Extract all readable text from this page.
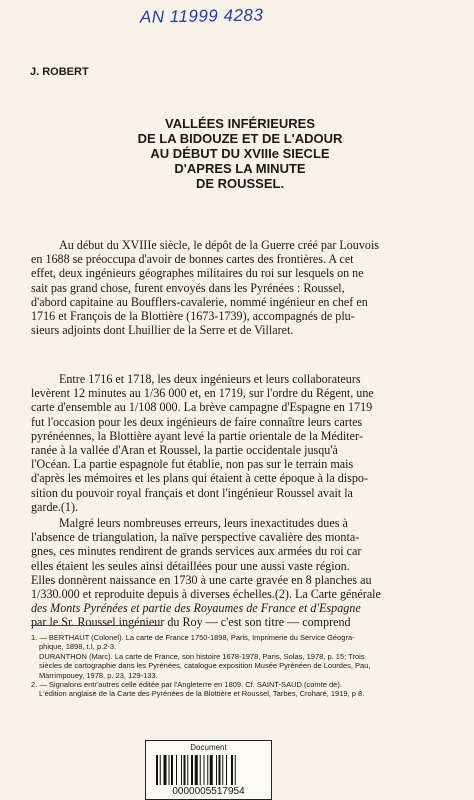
AN 11999 4283
J. ROBERT
VALLÉES INFÉRIEURES
DE LA BIDOUZE ET DE L'ADOUR
AU DÉBUT DU XVIIIe SIECLE
D'APRES LA MINUTE
DE ROUSSEL.
Au début du XVIIIe siècle, le dépôt de la Guerre créé par Louvois
en 1688 se préoccupa d'avoir de bonnes cartes des frontières. A cet
effet, deux ingénieurs géographes militaires du roi sur lesquels on ne
sait pas grand chose, furent envoyés dans les Pyrénées : Roussel,
d'abord capitaine au Boufflers-cavalerie, nommé ingénieur en chef en
1716 et François de la Blottière (1673-1739), accompagnés de plu-
sieurs adjoints dont Lhuillier de la Serre et de Villaret.
Entre 1716 et 1718, les deux ingénieurs et leurs collaborateurs
levèrent 12 minutes au 1/36 000 et, en 1719, sur l'ordre du Régent, une
carte d'ensemble au 1/108 000. La brève campagne d'Espagne en 1719
fut l'occasion pour les deux ingénieurs de faire connaître leurs cartes
pyrénéennes, la Blottière ayant levé la partie orientale de la Méditer-
ranée à la vallée d'Aran et Roussel, la partie occidentale jusqu'à
l'Océan. La partie espagnole fut établie, non pas sur le terrain mais
d'après les mémoires et les plans qui étaient à cette époque à la dispo-
sition du pouvoir royal français et dont l'ingénieur Roussel avait la
garde.(1).
Malgré leurs nombreuses erreurs, leurs inexactitudes dues à
l'absence de triangulation, la naïve perspective cavalière des monta-
gnes, ces minutes rendirent de grands services aux armées du roi car
elles étaient les seules ainsi détaillées pour une aussi vaste région.
Elles donnèrent naissance en 1730 à une carte gravée en 8 planches au
1/330.000 et reproduite depuis à diverses échelles.(2). La Carte générale
des Monts Pyrénées et partie des Royaumes de France et d'Espagne
par le Sr. Roussel ingénieur du Roy — c'est son titre — comprend

1. — BERTHAUT (Colonel). La carte de France 1750-1898, Paris, Imprimerie du Service Géogra-

phique, 1898, t.I, p.2-3.

DURANTHON (Marc). La carte de France, son histoire 1678-1978, Paris, Solas, 1978, p. 15; Trois

siècles de cartographie dans les Pyrénées, catalogue exposition Musée Pyrénéen de Lourdes, Pau,

Marrimpouey, 1978, p. 23, 129-133.

2. — Signalons entr'autres celle éditée par l'Angleterre en 1809. Cf. SAINT-SAUD (comte de).

L'édition anglaise de la Carte des Pyrénées de la Blottière et Roussel, Tarbes, Croharé, 1919, p 8.

Document
0000005517954
